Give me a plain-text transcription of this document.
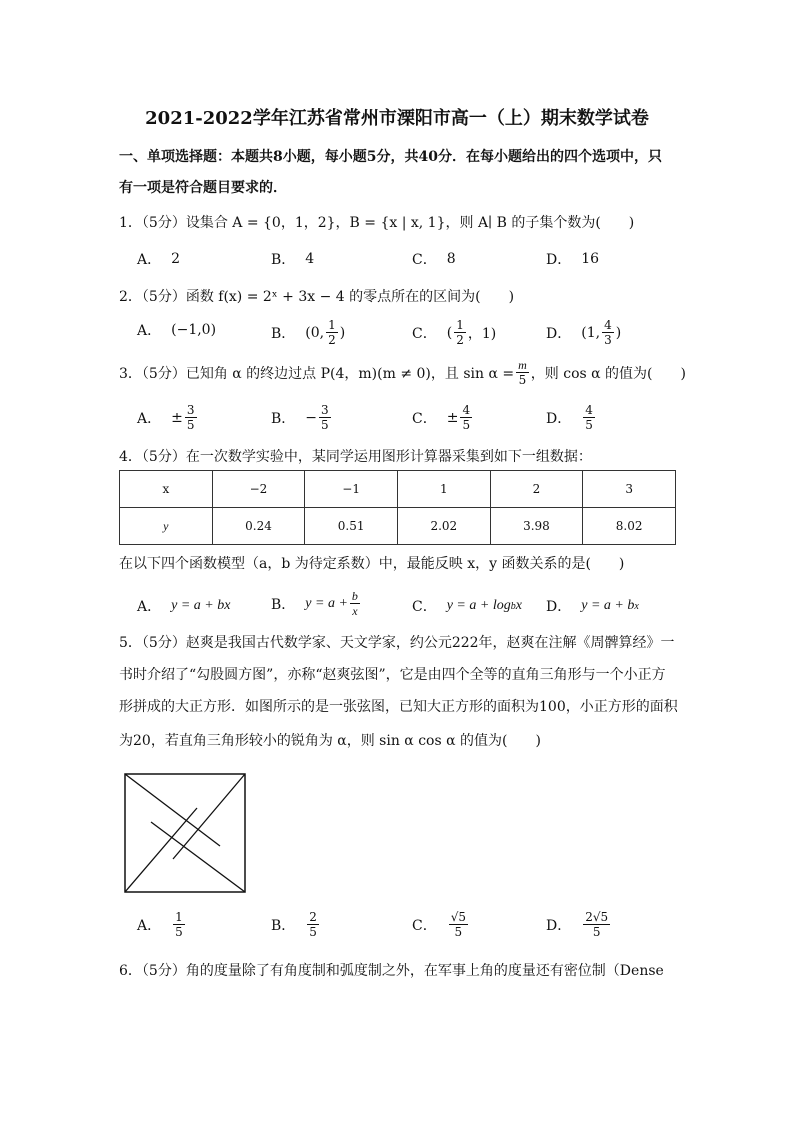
2021-2022学年江苏省常州市溧阳市高一（上）期末数学试卷
一、单项选择题：本题共8小题，每小题5分，共40分．在每小题给出的四个选项中，只
有一项是符合题目要求的．
1．（5分）设集合 A = {0，1，2}，B = {x | x, 1}，则 A∣ B 的子集个数为(　　)
A． 2	B． 4	C． 8	D． 16
2．（5分）函数 f(x) = 2ˣ + 3x − 4 的零点所在的区间为(　　)
A． (−1,0)	B． (0, $\frac{1}{2}$ )	C． ( $\frac{1}{2}$ ，1)	D． (1, $\frac{4}{3}$ )
3．（5分）已知角 α 的终边过点 P(4，m)(m ≠ 0)，且 $\sin \alpha = \frac{m}{5}$ ，则 cos α 的值为(　　)
A． ± $\frac{3}{5}$	B． − $\frac{3}{5}$	C． ± $\frac{4}{5}$	D． $\frac{4}{5}$
4．（5分）在一次数学实验中，某同学运用图形计算器采集到如下一组数据：
x	−2	−1	1	2	3
y	0.24	0.51	2.02	3.98	8.02
在以下四个函数模型（a，b 为待定系数）中，最能反映 x，y 函数关系的是(　　)
A． y = a + bx	B． $y = a + \frac{b}{x}$	C． y = a + log b x D． y = a + b x
5．（5分）赵爽是我国古代数学家、天文学家，约公元222年，赵爽在注解《周髀算经》一
书时介绍了“勾股圆方图”，亦称“赵爽弦图”，它是由四个全等的直角三角形与一个小正方
形拼成的大正方形．如图所示的是一张弦图，已知大正方形的面积为100，小正方形的面积
为20，若直角三角形较小的锐角为 α，则 sin α cos α 的值为(　　)
A． $\frac{1}{5}$	B． $\frac{2}{5}$	C． $\frac{√5}{5}$	D． $\frac{2√5}{5}$
6．（5分）角的度量除了有角度制和弧度制之外，在军事上角的度量还有密位制（Dense
